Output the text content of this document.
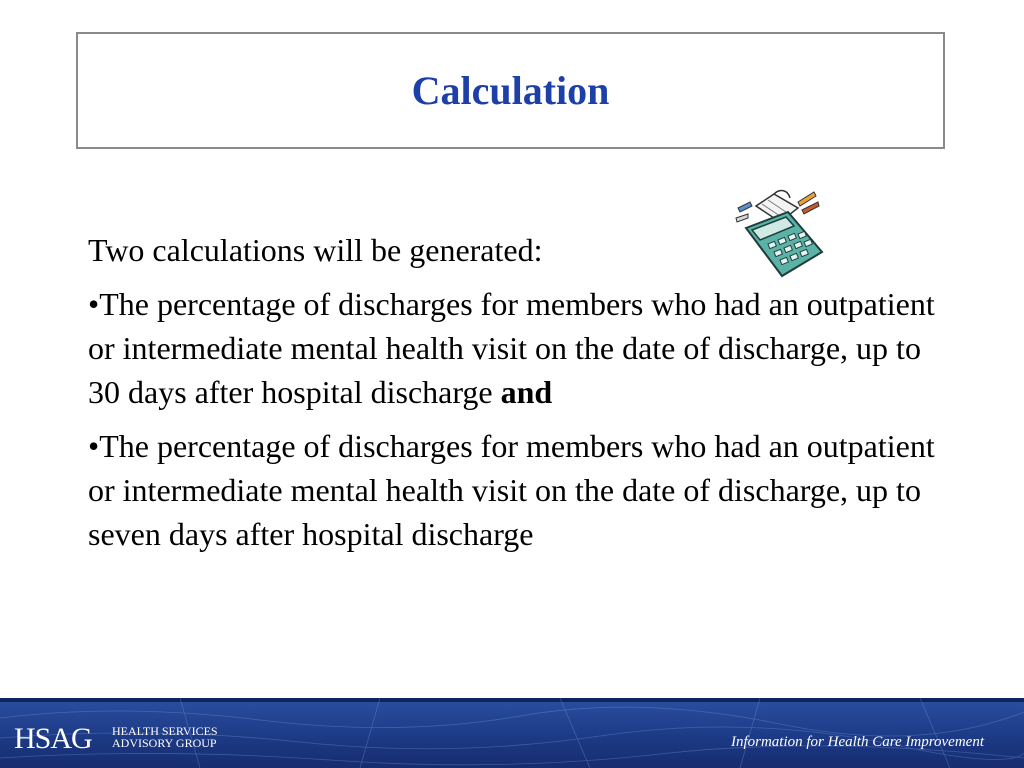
Calculation

Two calculations will be generated:

•The percentage of discharges for members who had an outpatient or intermediate mental health visit on the date of discharge, up to 30 days after hospital discharge and

•The percentage of discharges for members who had an outpatient or intermediate mental health visit on the date of discharge, up to seven days after hospital discharge

HSAG HEALTH SERVICES
ADVISORY GROUP	Information for Health Care Improvement
